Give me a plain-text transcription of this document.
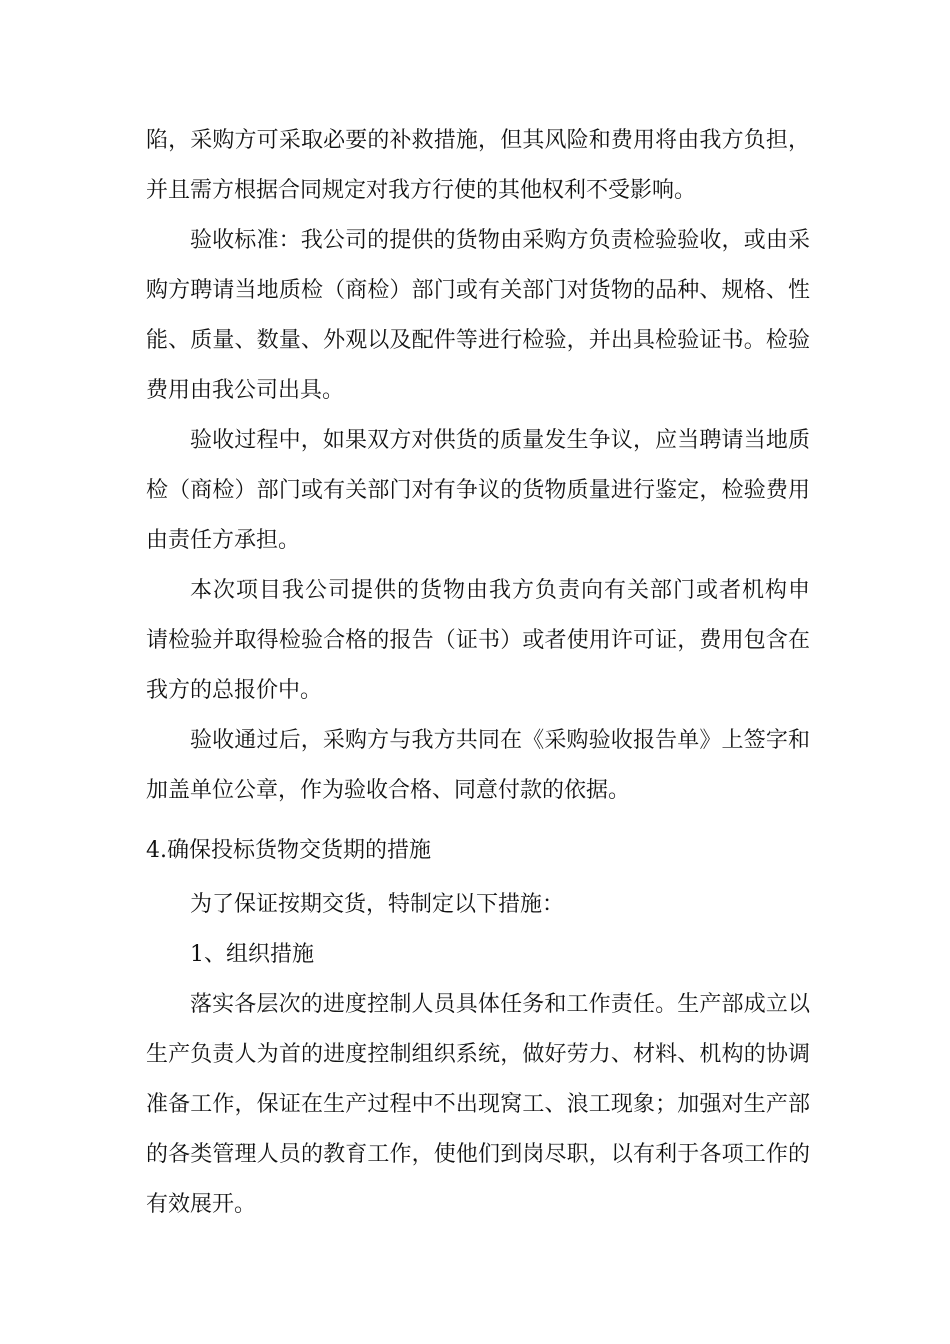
陷，采购方可采取必要的补救措施，但其风险和费用将由我方负担，
并且需方根据合同规定对我方行使的其他权利不受影响。
验收标准：我公司的提供的货物由采购方负责检验验收，或由采
购方聘请当地质检（商检）部门或有关部门对货物的品种、规格、性
能、质量、数量、外观以及配件等进行检验，并出具检验证书。检验
费用由我公司出具。
验收过程中，如果双方对供货的质量发生争议，应当聘请当地质
检（商检）部门或有关部门对有争议的货物质量进行鉴定，检验费用
由责任方承担。
本次项目我公司提供的货物由我方负责向有关部门或者机构申
请检验并取得检验合格的报告（证书）或者使用许可证，费用包含在
我方的总报价中。
验收通过后，采购方与我方共同在《采购验收报告单》上签字和
加盖单位公章，作为验收合格、同意付款的依据。
4.确保投标货物交货期的措施
为了保证按期交货，特制定以下措施：
1、组织措施
落实各层次的进度控制人员具体任务和工作责任。生产部成立以
生产负责人为首的进度控制组织系统，做好劳力、材料、机构的协调
准备工作，保证在生产过程中不出现窝工、浪工现象；加强对生产部
的各类管理人员的教育工作，使他们到岗尽职，以有利于各项工作的
有效展开。
